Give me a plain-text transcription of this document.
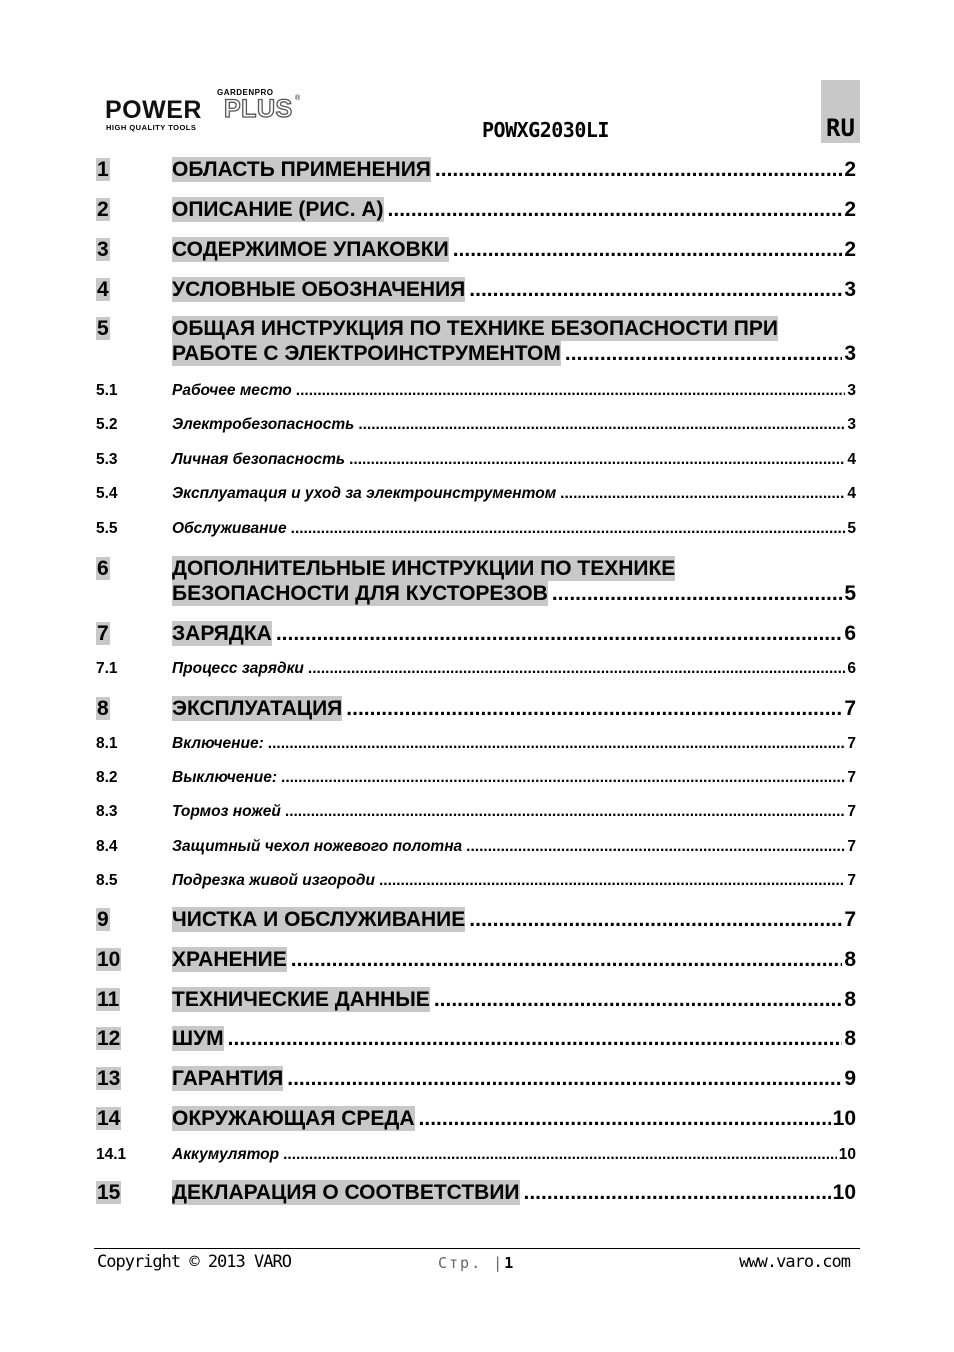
GARDENPRO
POWER PLUS ®
HIGH QUALITY TOOLS	POWXG2030LI	RU
1	ОБЛАСТЬ ПРИМЕНЕНИЯ .....	2
2	ОПИСАНИЕ (РИС. A) .....	2
3	СОДЕРЖИМОЕ УПАКОВКИ .....	2
4	УСЛОВНЫЕ ОБОЗНАЧЕНИЯ .....	3
5	ОБЩАЯ ИНСТРУКЦИЯ ПО ТЕХНИКЕ БЕЗОПАСНОСТИ ПРИ
РАБОТЕ С ЭЛЕКТРОИНСТРУМЕНТОМ .....	3
5.1	Рабочее место .....	3
5.2	Электробезопасность .....	3
5.3	Личная безопасность .....	4
5.4	Эксплуатация и уход за электроинструментом .....	4
5.5	Обслуживание .....	5
6	ДОПОЛНИТЕЛЬНЫЕ ИНСТРУКЦИИ ПО ТЕХНИКЕ
БЕЗОПАСНОСТИ ДЛЯ КУСТОРЕЗОВ .....	5
7	ЗАРЯДКА .....	6
7.1	Процесс зарядки .....	6
8	ЭКСПЛУАТАЦИЯ .....	7
8.1	Включение: .....	7
8.2	Выключение: .....	7
8.3	Тормоз ножей .....	7
8.4	Защитный чехол ножевого полотна .....	7
8.5	Подрезка живой изгороди .....	7
9	ЧИСТКА И ОБСЛУЖИВАНИЕ .....	7
10 ХРАНЕНИЕ .....	8
11	ТЕХНИЧЕСКИЕ ДАННЫЕ .....	8
12 ШУМ .....	8
13 ГАРАНТИЯ .....	9
14 ОКРУЖАЮЩАЯ СРЕДА .....	10
14.1	Аккумулятор .....	10
15 ДЕКЛАРАЦИЯ О СООТВЕТСТВИИ .....	10
Copyright © 2013 VARO	Стр. |1	www.varo.com
